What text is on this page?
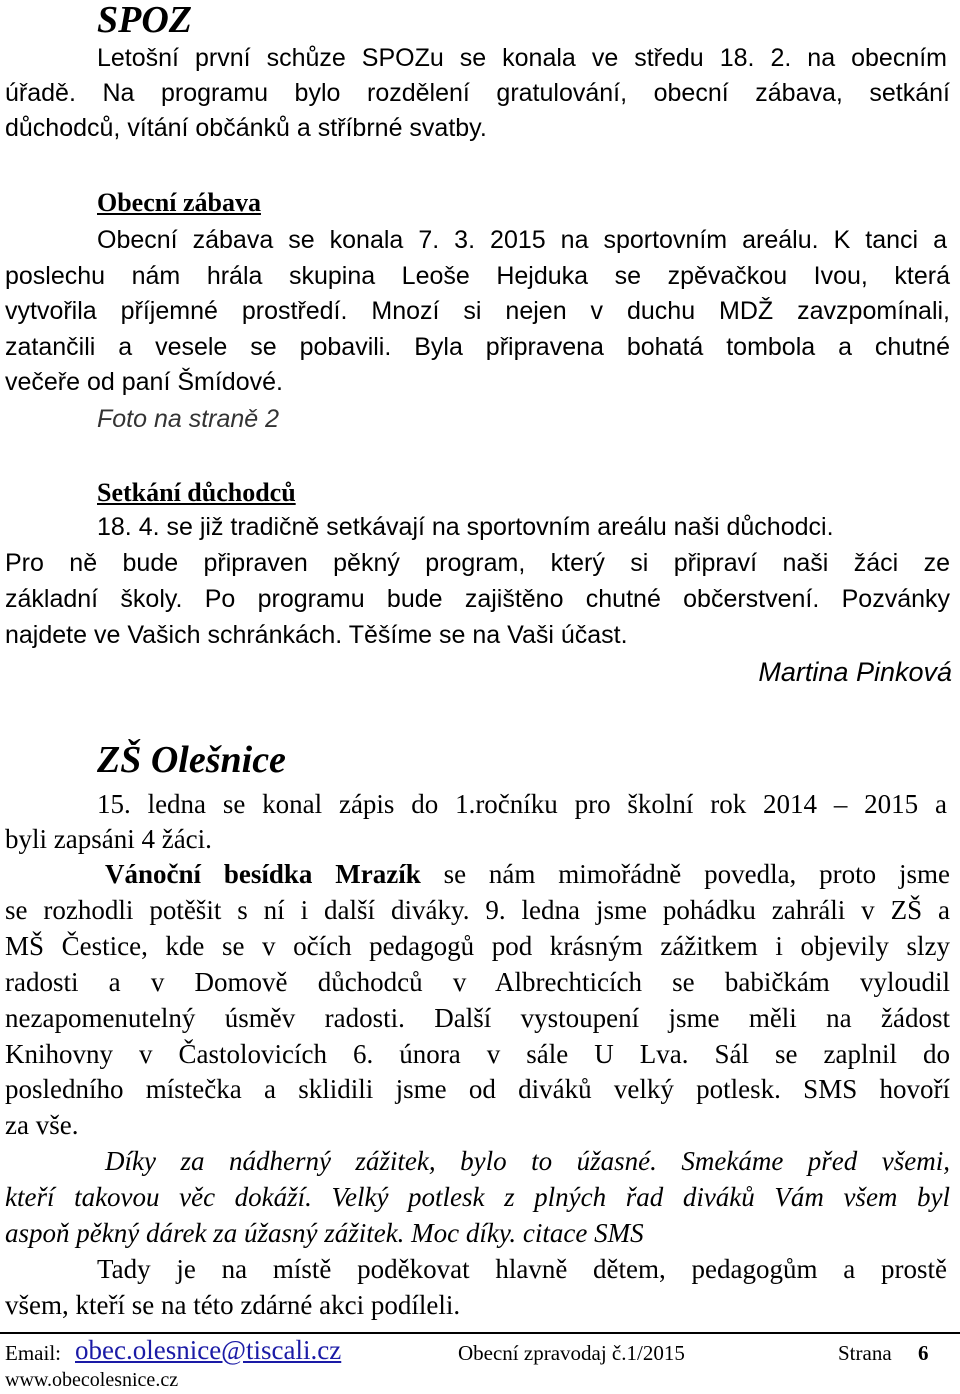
SPOZ
Letošní první schůze SPOZu se konala ve středu 18. 2. na obecním
úřadě. Na programu bylo rozdělení gratulování, obecní zábava, setkání
důchodců, vítání občánků a stříbrné svatby.
Obecní zábava
Obecní zábava se konala 7. 3. 2015 na sportovním areálu. K tanci a
poslechu nám hrála skupina Leoše Hejduka se zpěvačkou Ivou, která
vytvořila příjemné prostředí. Mnozí si nejen v duchu MDŽ zavzpomínali,
zatančili a vesele se pobavili. Byla připravena bohatá tombola a chutné
večeře od paní Šmídové.
Foto na straně 2
Setkání důchodců
18. 4. se již tradičně setkávají na sportovním areálu naši důchodci.
Pro ně bude připraven pěkný program, který si připraví naši žáci ze
základní školy. Po programu bude zajištěno chutné občerstvení. Pozvánky
najdete ve Vašich schránkách. Těšíme se na Vaši účast.
Martina Pinková
ZŠ Olešnice
15. ledna se konal zápis do 1.ročníku pro školní rok 2014 – 2015 a
byli zapsáni 4 žáci.
Vánoční besídka Mrazík se nám mimořádně povedla, proto jsme
se rozhodli potěšit s ní i další diváky. 9. ledna jsme pohádku zahráli v ZŠ a
MŠ Čestice, kde se v očích pedagogů pod krásným zážitkem i objevily slzy
radosti a v Domově důchodců v Albrechticích se babičkám vyloudil
nezapomenutelný úsměv radosti. Další vystoupení jsme měli na žádost
Knihovny v Častolovicích 6. února v sále U Lva. Sál se zaplnil do
posledního místečka a sklidili jsme od diváků velký potlesk. SMS hovoří
za vše.
Díky za nádherný zážitek, bylo to úžasné. Smekáme před všemi,
kteří takovou věc dokáží. Velký potlesk z plných řad diváků Vám všem byl
aspoň pěkný dárek za úžasný zážitek. Moc díky. citace SMS
Tady je na místě poděkovat hlavně dětem, pedagogům a prostě
všem, kteří se na této zdárné akci podíleli.
Email: obec.olesnice@tiscali.cz	Obecní zpravodaj č.1/2015	Strana 6
www.obecolesnice.cz
